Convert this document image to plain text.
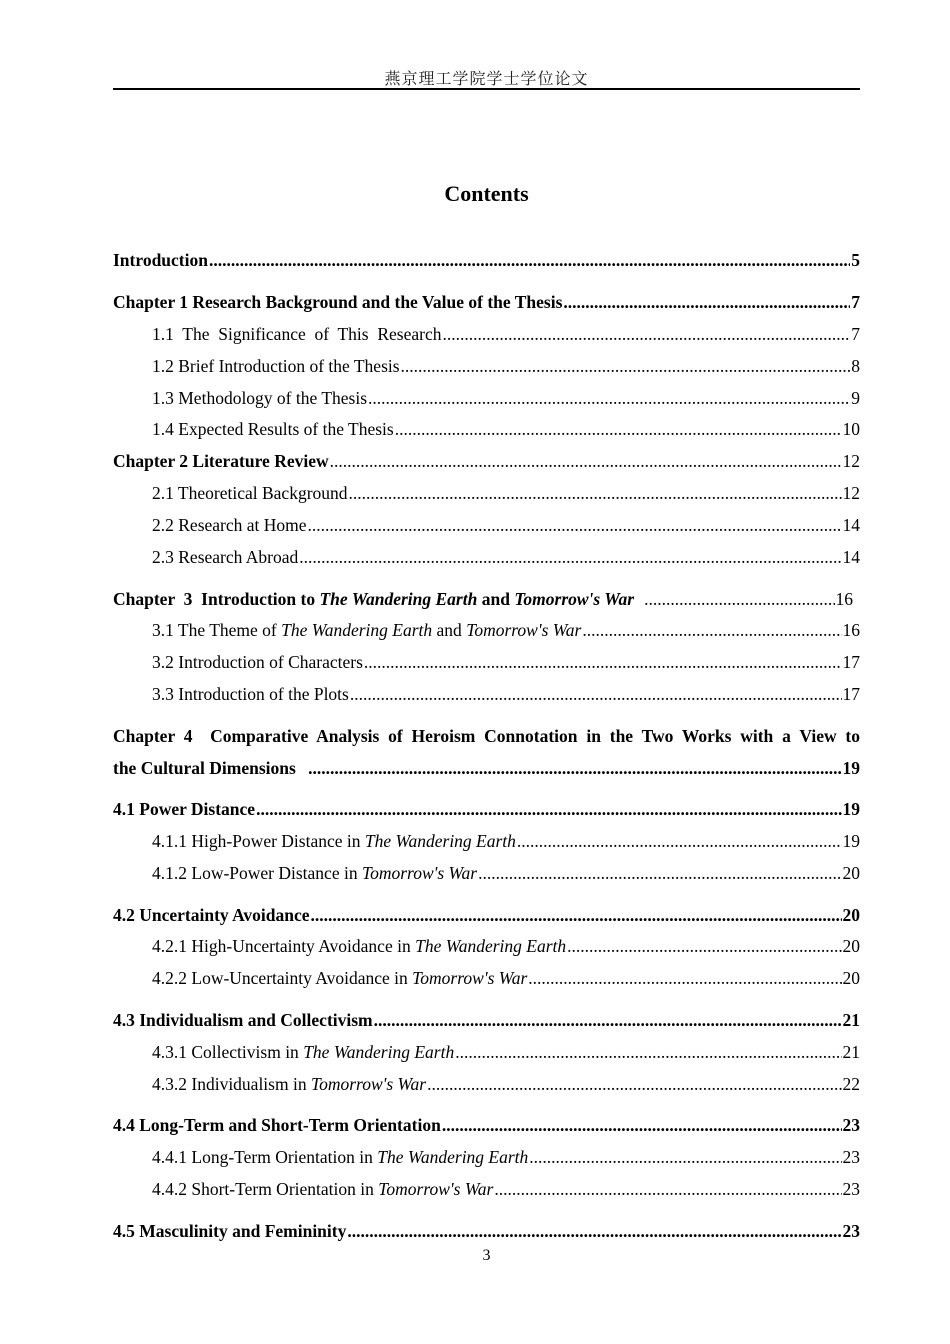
燕京理工学院学士学位论文
Contents
Introduction .....	5
Chapter 1 Research Background and the Value of the Thesis .....	7
1.1  The  Significance  of  This  Research .....	7
1.2 Brief Introduction of the Thesis .....	8
1.3 Methodology of the Thesis .....	9
1.4 Expected Results of the Thesis .....	10
Chapter 2 Literature Review .....	12
2.1 Theoretical Background .....	12
2.2 Research at Home .....	14
2.3 Research Abroad .....	14
Chapter  3  Introduction to The Wandering Earth and Tomorrow's War .....	16
3.1 The Theme of The Wandering Earth and Tomorrow's War .....	16
3.2 Introduction of Characters .....	17
3.3 Introduction of the Plots .....	17
Chapter 4  Comparative Analysis of Heroism Connotation in the Two Works with a View to
the Cultural Dimensions .....	19
4.1 Power Distance .....	19
4.1.1 High-Power Distance in The Wandering Earth .....	19
4.1.2 Low-Power Distance in Tomorrow's War .....	20
4.2 Uncertainty Avoidance .....	20
4.2.1 High-Uncertainty Avoidance in The Wandering Earth .....	20
4.2.2 Low-Uncertainty Avoidance in Tomorrow's War .....	20
4.3 Individualism and Collectivism .....	21
4.3.1 Collectivism in The Wandering Earth .....	21
4.3.2 Individualism in Tomorrow's War .....	22
4.4 Long-Term and Short-Term Orientation .....	23
4.4.1 Long-Term Orientation in The Wandering Earth .....	23
4.4.2 Short-Term Orientation in Tomorrow's War .....	23
4.5 Masculinity and Femininity .....	23
3
